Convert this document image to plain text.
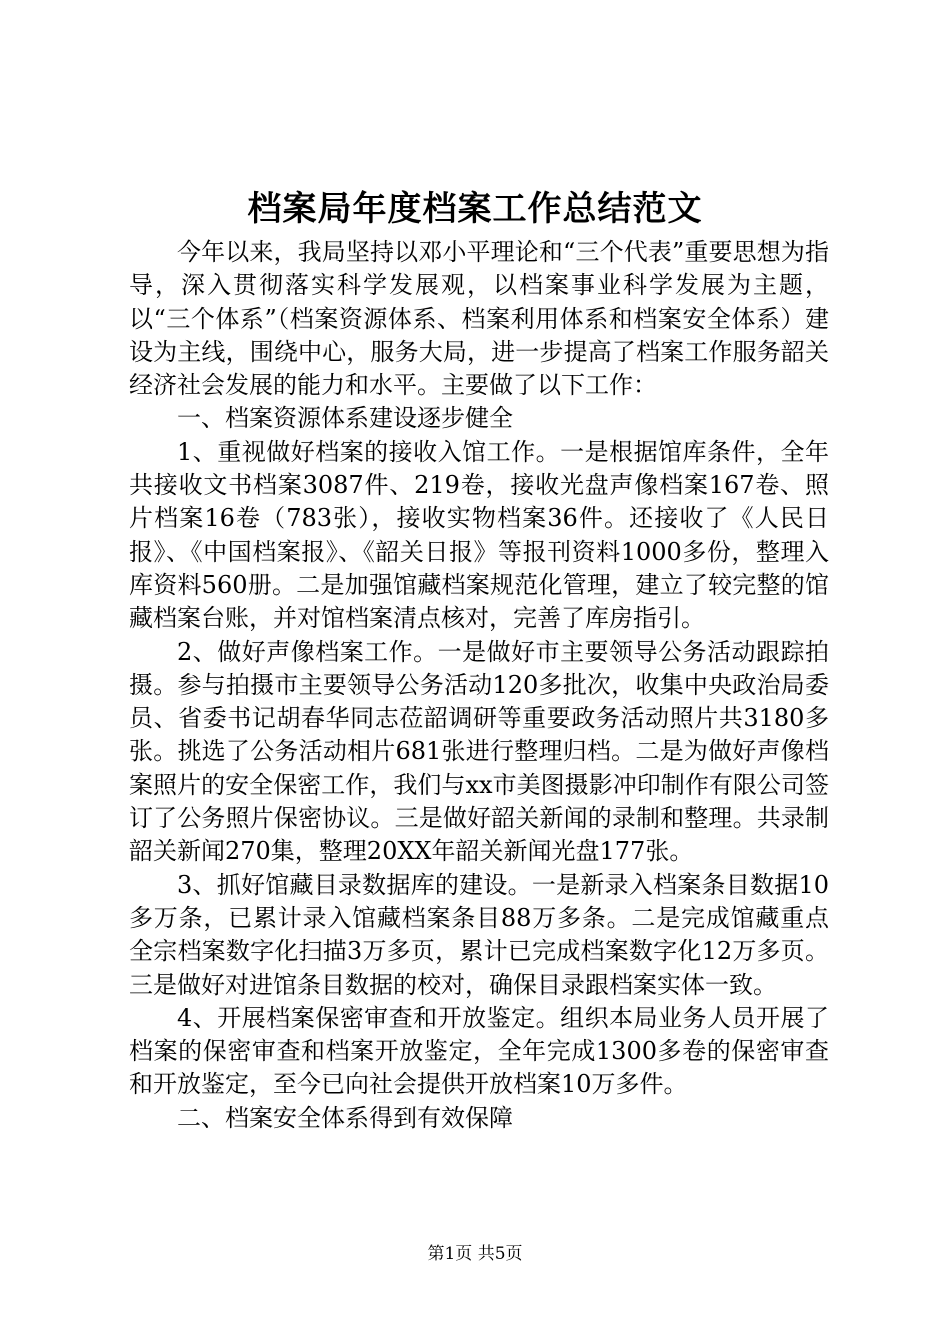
档案局年度档案工作总结范文

今年以来，我局坚持以邓小平理论和“三个代表”重要思想为指导，深入贯彻落实科学发展观，以档案事业科学发展为主题，以“三个体系”（档案资源体系、档案利用体系和档案安全体系）建设为主线，围绕中心，服务大局，进一步提高了档案工作服务韶关经济社会发展的能力和水平。主要做了以下工作：

一、档案资源体系建设逐步健全

1、重视做好档案的接收入馆工作。一是根据馆库条件，全年共接收文书档案3087件、219卷，接收光盘声像档案167卷、照片档案16卷（783张），接收实物档案36件。还接收了《人民日报》、《中国档案报》、《韶关日报》等报刊资料1000多份，整理入库资料560册。二是加强馆藏档案规范化管理，建立了较完整的馆藏档案台账，并对馆档案清点核对，完善了库房指引。

2、做好声像档案工作。一是做好市主要领导公务活动跟踪拍摄。参与拍摄市主要领导公务活动120多批次，收集中央政治局委员、省委书记胡春华同志莅韶调研等重要政务活动照片共3180多张。挑选了公务活动相片681张进行整理归档。二是为做好声像档案照片的安全保密工作，我们与xx市美图摄影冲印制作有限公司签订了公务照片保密协议。三是做好韶关新闻的录制和整理。共录制韶关新闻270集，整理20XX年韶关新闻光盘177张。

3、抓好馆藏目录数据库的建设。一是新录入档案条目数据10多万条，已累计录入馆藏档案条目88万多条。二是完成馆藏重点全宗档案数字化扫描3万多页，累计已完成档案数字化12万多页。三是做好对进馆条目数据的校对，确保目录跟档案实体一致。

4、开展档案保密审查和开放鉴定。组织本局业务人员开展了档案的保密审查和档案开放鉴定，全年完成1300多卷的保密审查和开放鉴定，至今已向社会提供开放档案10万多件。

二、档案安全体系得到有效保障

第1页 共5页
